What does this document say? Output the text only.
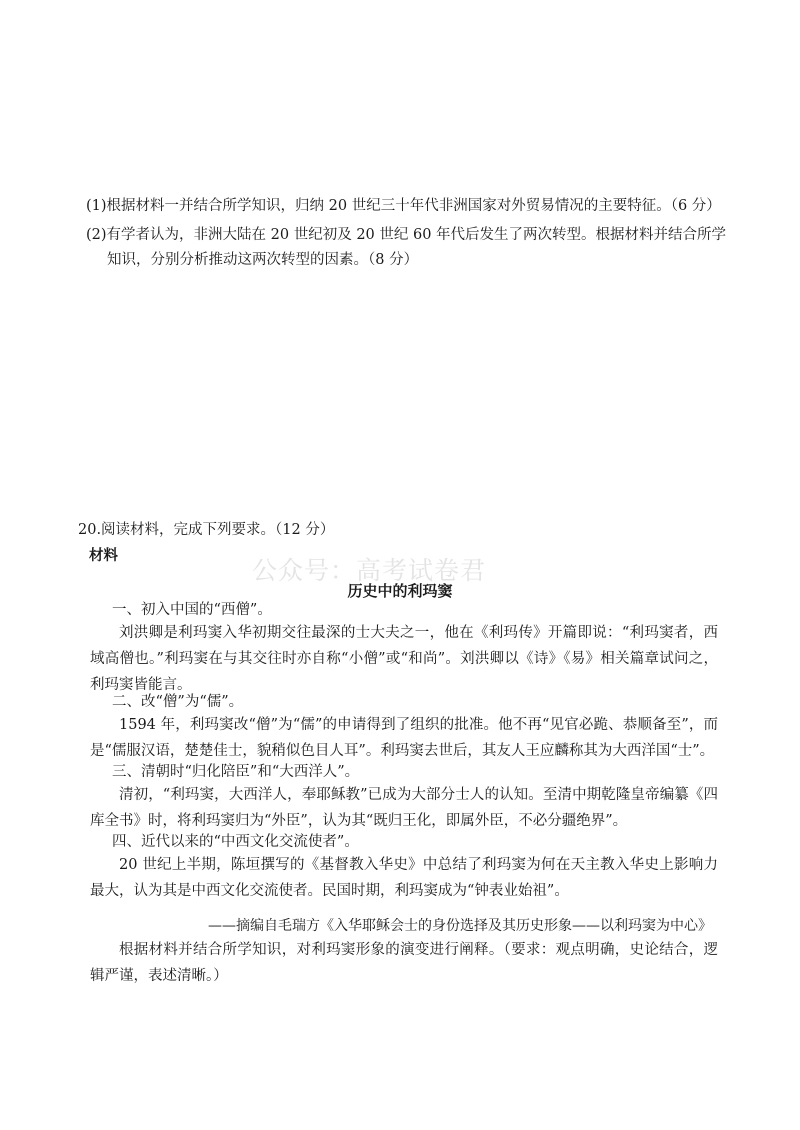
(1)根据材料一并结合所学知识，归纳 20 世纪三十年代非洲国家对外贸易情况的主要特征。（6 分）
(2)有学者认为，非洲大陆在 20 世纪初及 20 世纪 60 年代后发生了两次转型。根据材料并结合所学
知识，分别分析推动这两次转型的因素。（8 分）
20.阅读材料，完成下列要求。（12 分）
材料
公众号：高考试卷君
历史中的利玛窦
一、初入中国的“西僧”。
刘洪卿是利玛窦入华初期交往最深的士大夫之一，他在《利玛传》开篇即说：“利玛窦者，西域高僧也。”利玛窦在与其交往时亦自称“小僧”或“和尚”。刘洪卿以《诗》《易》相关篇章试问之，利玛窦皆能言。
二、改“僧”为“儒”。
1594 年，利玛窦改“僧”为“儒”的申请得到了组织的批准。他不再“见官必跪、恭顺备至”，而是“儒服汉语，楚楚佳士，貌稍似色目人耳”。利玛窦去世后，其友人王应麟称其为大西洋国“士”。
三、清朝时“归化陪臣”和“大西洋人”。
清初，“利玛窦，大西洋人，奉耶稣教”已成为大部分士人的认知。至清中期乾隆皇帝编纂《四库全书》时，将利玛窦归为“外臣”，认为其“既归王化，即属外臣，不必分疆绝界”。
四、近代以来的“中西文化交流使者”。
20 世纪上半期，陈垣撰写的《基督教入华史》中总结了利玛窦为何在天主教入华史上影响力最大，认为其是中西文化交流使者。民国时期，利玛窦成为“钟表业始祖”。
——摘编自毛瑞方《入华耶稣会士的身份选择及其历史形象——以利玛窦为中心》
根据材料并结合所学知识，对利玛窦形象的演变进行阐释。（要求：观点明确，史论结合，逻辑严谨，表述清晰。）
